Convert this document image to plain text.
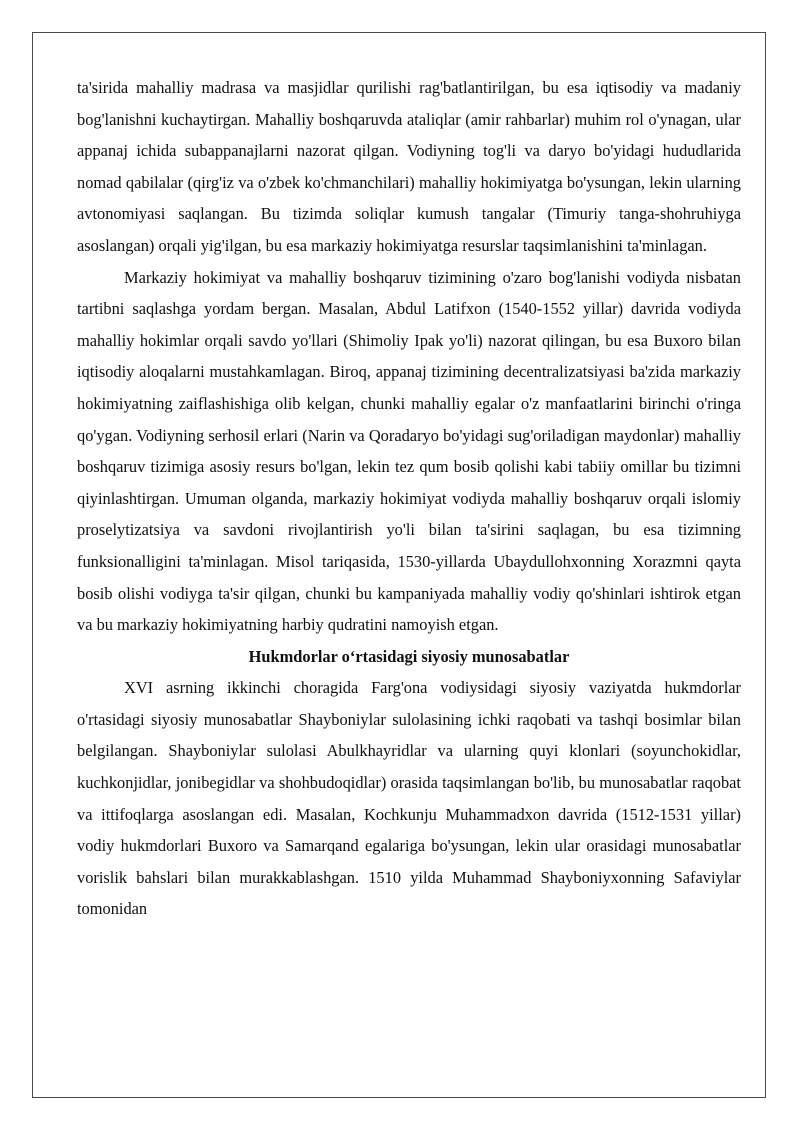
ta'sirida mahalliy madrasa va masjidlar qurilishi rag'batlantirilgan, bu esa iqtisodiy va madaniy bog'lanishni kuchaytirgan. Mahalliy boshqaruvda ataliqlar (amir rahbarlar) muhim rol o'ynagan, ular appanaj ichida subappanajlarni nazorat qilgan. Vodiyning tog'li va daryo bo'yidagi hududlarida nomad qabilalar (qirg'iz va o'zbek ko'chmanchilari) mahalliy hokimiyatga bo'ysungan, lekin ularning avtonomiyasi saqlangan. Bu tizimda soliqlar kumush tangalar (Timuriy tanga-shohruhiyga asoslangan) orqali yig'ilgan, bu esa markaziy hokimiyatga resurslar taqsimlanishini ta'minlagan.

Markaziy hokimiyat va mahalliy boshqaruv tizimining o'zaro bog'lanishi vodiyda nisbatan tartibni saqlashga yordam bergan. Masalan, Abdul Latifxon (1540-1552 yillar) davrida vodiyda mahalliy hokimlar orqali savdo yo'llari (Shimoliy Ipak yo'li) nazorat qilingan, bu esa Buxoro bilan iqtisodiy aloqalarni mustahkamlagan. Biroq, appanaj tizimining decentralizatsiyasi ba'zida markaziy hokimiyatning zaiflashishiga olib kelgan, chunki mahalliy egalar o'z manfaatlarini birinchi o'ringa qo'ygan. Vodiyning serhosil erlari (Narin va Qoradaryo bo'yidagi sug'oriladigan maydonlar) mahalliy boshqaruv tizimiga asosiy resurs bo'lgan, lekin tez qum bosib qolishi kabi tabiiy omillar bu tizimni qiyinlashtirgan. Umuman olganda, markaziy hokimiyat vodiyda mahalliy boshqaruv orqali islomiy proselytizatsiya va savdoni rivojlantirish yo'li bilan ta'sirini saqlagan, bu esa tizimning funksionalligini ta'minlagan. Misol tariqasida, 1530-yillarda Ubaydullohxonning Xorazmni qayta bosib olishi vodiyga ta'sir qilgan, chunki bu kampaniyada mahalliy vodiy qo'shinlari ishtirok etgan va bu markaziy hokimiyatning harbiy qudratini namoyish etgan.

Hukmdorlar o‘rtasidagi siyosiy munosabatlar

XVI asrning ikkinchi choragida Farg'ona vodiysidagi siyosiy vaziyatda hukmdorlar o'rtasidagi siyosiy munosabatlar Shayboniylar sulolasining ichki raqobati va tashqi bosimlar bilan belgilangan. Shayboniylar sulolasi Abulkhayridlar va ularning quyi klonlari (soyunchokidlar, kuchkonjidlar, jonibegidlar va shohbudoqidlar) orasida taqsimlangan bo'lib, bu munosabatlar raqobat va ittifoqlarga asoslangan edi. Masalan, Kochkunju Muhammadxon davrida (1512-1531 yillar) vodiy hukmdorlari Buxoro va Samarqand egalariga bo'ysungan, lekin ular orasidagi munosabatlar vorislik bahslari bilan murakkablashgan. 1510 yilda Muhammad Shayboniyxonning Safaviylar tomonidan
